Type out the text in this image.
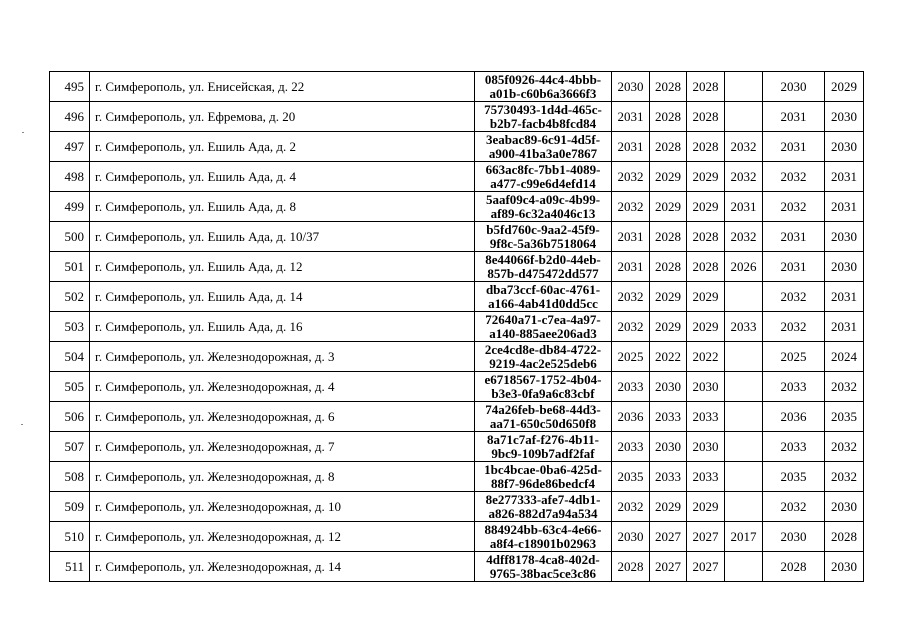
495	г. Симферополь, ул. Енисейская, д. 22	085f0926-44c4-4bbb-
a01b-c60b6a3666f3	2030	2028	2028		2030	2029
496	г. Симферополь, ул. Ефремова, д. 20	75730493-1d4d-465c-
b2b7-facb4b8fcd84	2031	2028	2028		2031	2030
497	г. Симферополь, ул. Ешиль Ада, д. 2	3eabac89-6c91-4d5f-
a900-41ba3a0e7867	2031	2028	2028	2032	2031	2030
498	г. Симферополь, ул. Ешиль Ада, д. 4	663ac8fc-7bb1-4089-
a477-c99e6d4efd14	2032	2029	2029	2032	2032	2031
499	г. Симферополь, ул. Ешиль Ада, д. 8	5aaf09c4-a09c-4b99-
af89-6c32a4046c13	2032	2029	2029	2031	2032	2031
500	г. Симферополь, ул. Ешиль Ада, д. 10/37	b5fd760c-9aa2-45f9-
9f8c-5a36b7518064	2031	2028	2028	2032	2031	2030
501	г. Симферополь, ул. Ешиль Ада, д. 12	8e44066f-b2d0-44eb-
857b-d475472dd577	2031	2028	2028	2026	2031	2030
502	г. Симферополь, ул. Ешиль Ада, д. 14	dba73ccf-60ac-4761-
a166-4ab41d0dd5cc	2032	2029	2029		2032	2031
503	г. Симферополь, ул. Ешиль Ада, д. 16	72640a71-c7ea-4a97-
a140-885aee206ad3	2032	2029	2029	2033	2032	2031
504	г. Симферополь, ул. Железнодорожная, д. 3	2ce4cd8e-db84-4722-
9219-4ac2e525deb6	2025	2022	2022		2025	2024
505	г. Симферополь, ул. Железнодорожная, д. 4	e6718567-1752-4b04-
b3e3-0fa9a6c83cbf	2033	2030	2030		2033	2032
506	г. Симферополь, ул. Железнодорожная, д. 6	74a26feb-be68-44d3-
aa71-650c50d650f8	2036	2033	2033		2036	2035
507	г. Симферополь, ул. Железнодорожная, д. 7	8a71c7af-f276-4b11-
9bc9-109b7adf2faf	2033	2030	2030		2033	2032
508	г. Симферополь, ул. Железнодорожная, д. 8	1bc4bcae-0ba6-425d-
88f7-96de86bedcf4	2035	2033	2033		2035	2032
509	г. Симферополь, ул. Железнодорожная, д. 10	8e277333-afe7-4db1-
a826-882d7a94a534	2032	2029	2029		2032	2030
510	г. Симферополь, ул. Железнодорожная, д. 12	884924bb-63c4-4e66-
a8f4-c18901b02963	2030	2027	2027	2017	2030	2028
511	г. Симферополь, ул. Железнодорожная, д. 14	4dff8178-4ca8-402d-
9765-38bac5ce3c86	2028	2027	2027		2028	2030
